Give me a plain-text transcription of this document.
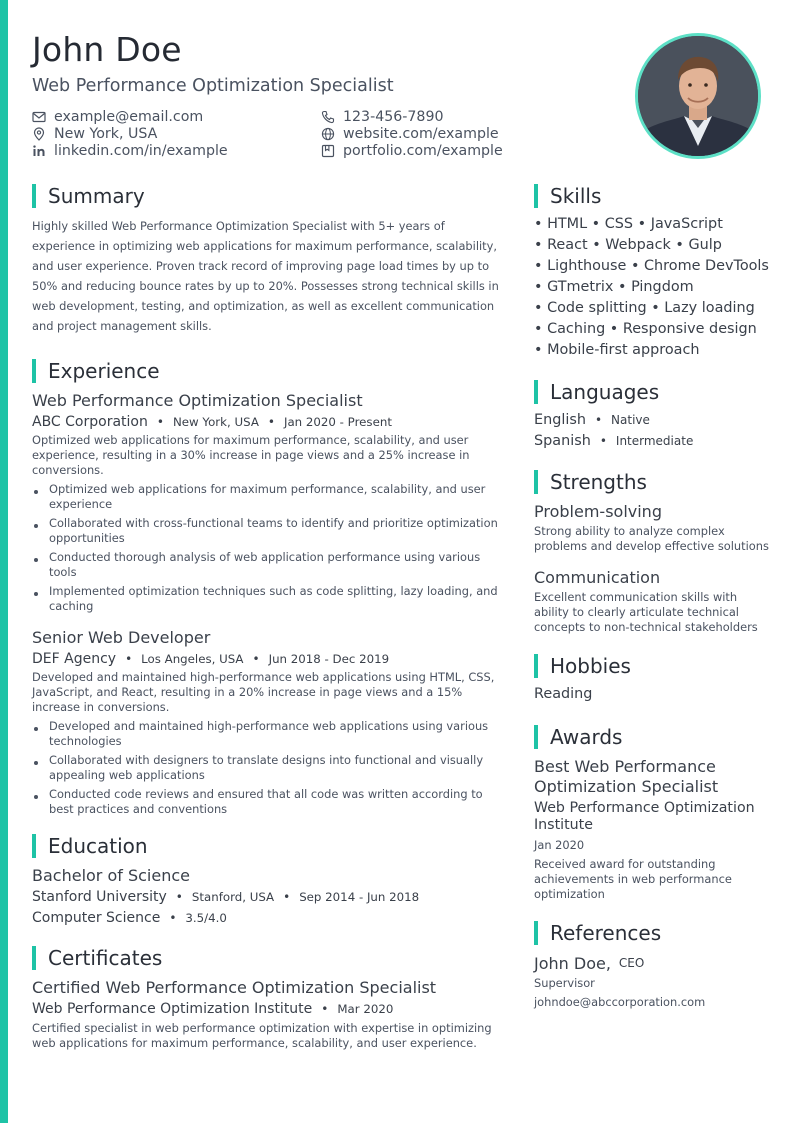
John Doe
Web Performance Optimization Specialist
example@email.com	123-456-7890
New York, USA	website.com/example
linkedin.com/in/example	portfolio.com/example
Summary

Highly skilled Web Performance Optimization Specialist with 5+ years of experience in optimizing web applications for maximum performance, scalability, and user experience. Proven track record of improving page load times by up to 50% and reducing bounce rates by up to 20%. Possesses strong technical skills in web development, testing, and optimization, as well as excellent communication and project management skills.

Experience
Web Performance Optimization Specialist
ABC Corporation • New York, USA • Jan 2020 - Present

Optimized web applications for maximum performance, scalability, and user experience, resulting in a 30% increase in page views and a 25% increase in conversions.

Optimized web applications for maximum performance, scalability, and user experience
Collaborated with cross-functional teams to identify and prioritize optimization opportunities
Conducted thorough analysis of web application performance using various tools
Implemented optimization techniques such as code splitting, lazy loading, and caching
Senior Web Developer
DEF Agency • Los Angeles, USA • Jun 2018 - Dec 2019

Developed and maintained high-performance web applications using HTML, CSS, JavaScript, and React, resulting in a 20% increase in page views and a 15% increase in conversions.

Developed and maintained high-performance web applications using various technologies
Collaborated with designers to translate designs into functional and visually appealing web applications
Conducted code reviews and ensured that all code was written according to best practices and conventions
Education
Bachelor of Science
Stanford University • Stanford, USA • Sep 2014 - Jun 2018
Computer Science • 3.5/4.0
Certificates
Certified Web Performance Optimization Specialist
Web Performance Optimization Institute • Mar 2020

Certified specialist in web performance optimization with expertise in optimizing web applications for maximum performance, scalability, and user experience.

Skills
• HTML • CSS • JavaScript
• React • Webpack • Gulp
• Lighthouse • Chrome DevTools
• GTmetrix • Pingdom
• Code splitting • Lazy loading
• Caching • Responsive design
• Mobile-first approach
Languages
English • Native
Spanish • Intermediate
Strengths
Problem-solving

Strong ability to analyze complex problems and develop effective solutions

Communication

Excellent communication skills with ability to clearly articulate technical concepts to non-technical stakeholders

Hobbies
Reading
Awards
Best Web Performance Optimization Specialist
Web Performance Optimization Institute
Jan 2020

Received award for outstanding achievements in web performance optimization

References
John Doe, CEO
Supervisor
johndoe@abccorporation.com
